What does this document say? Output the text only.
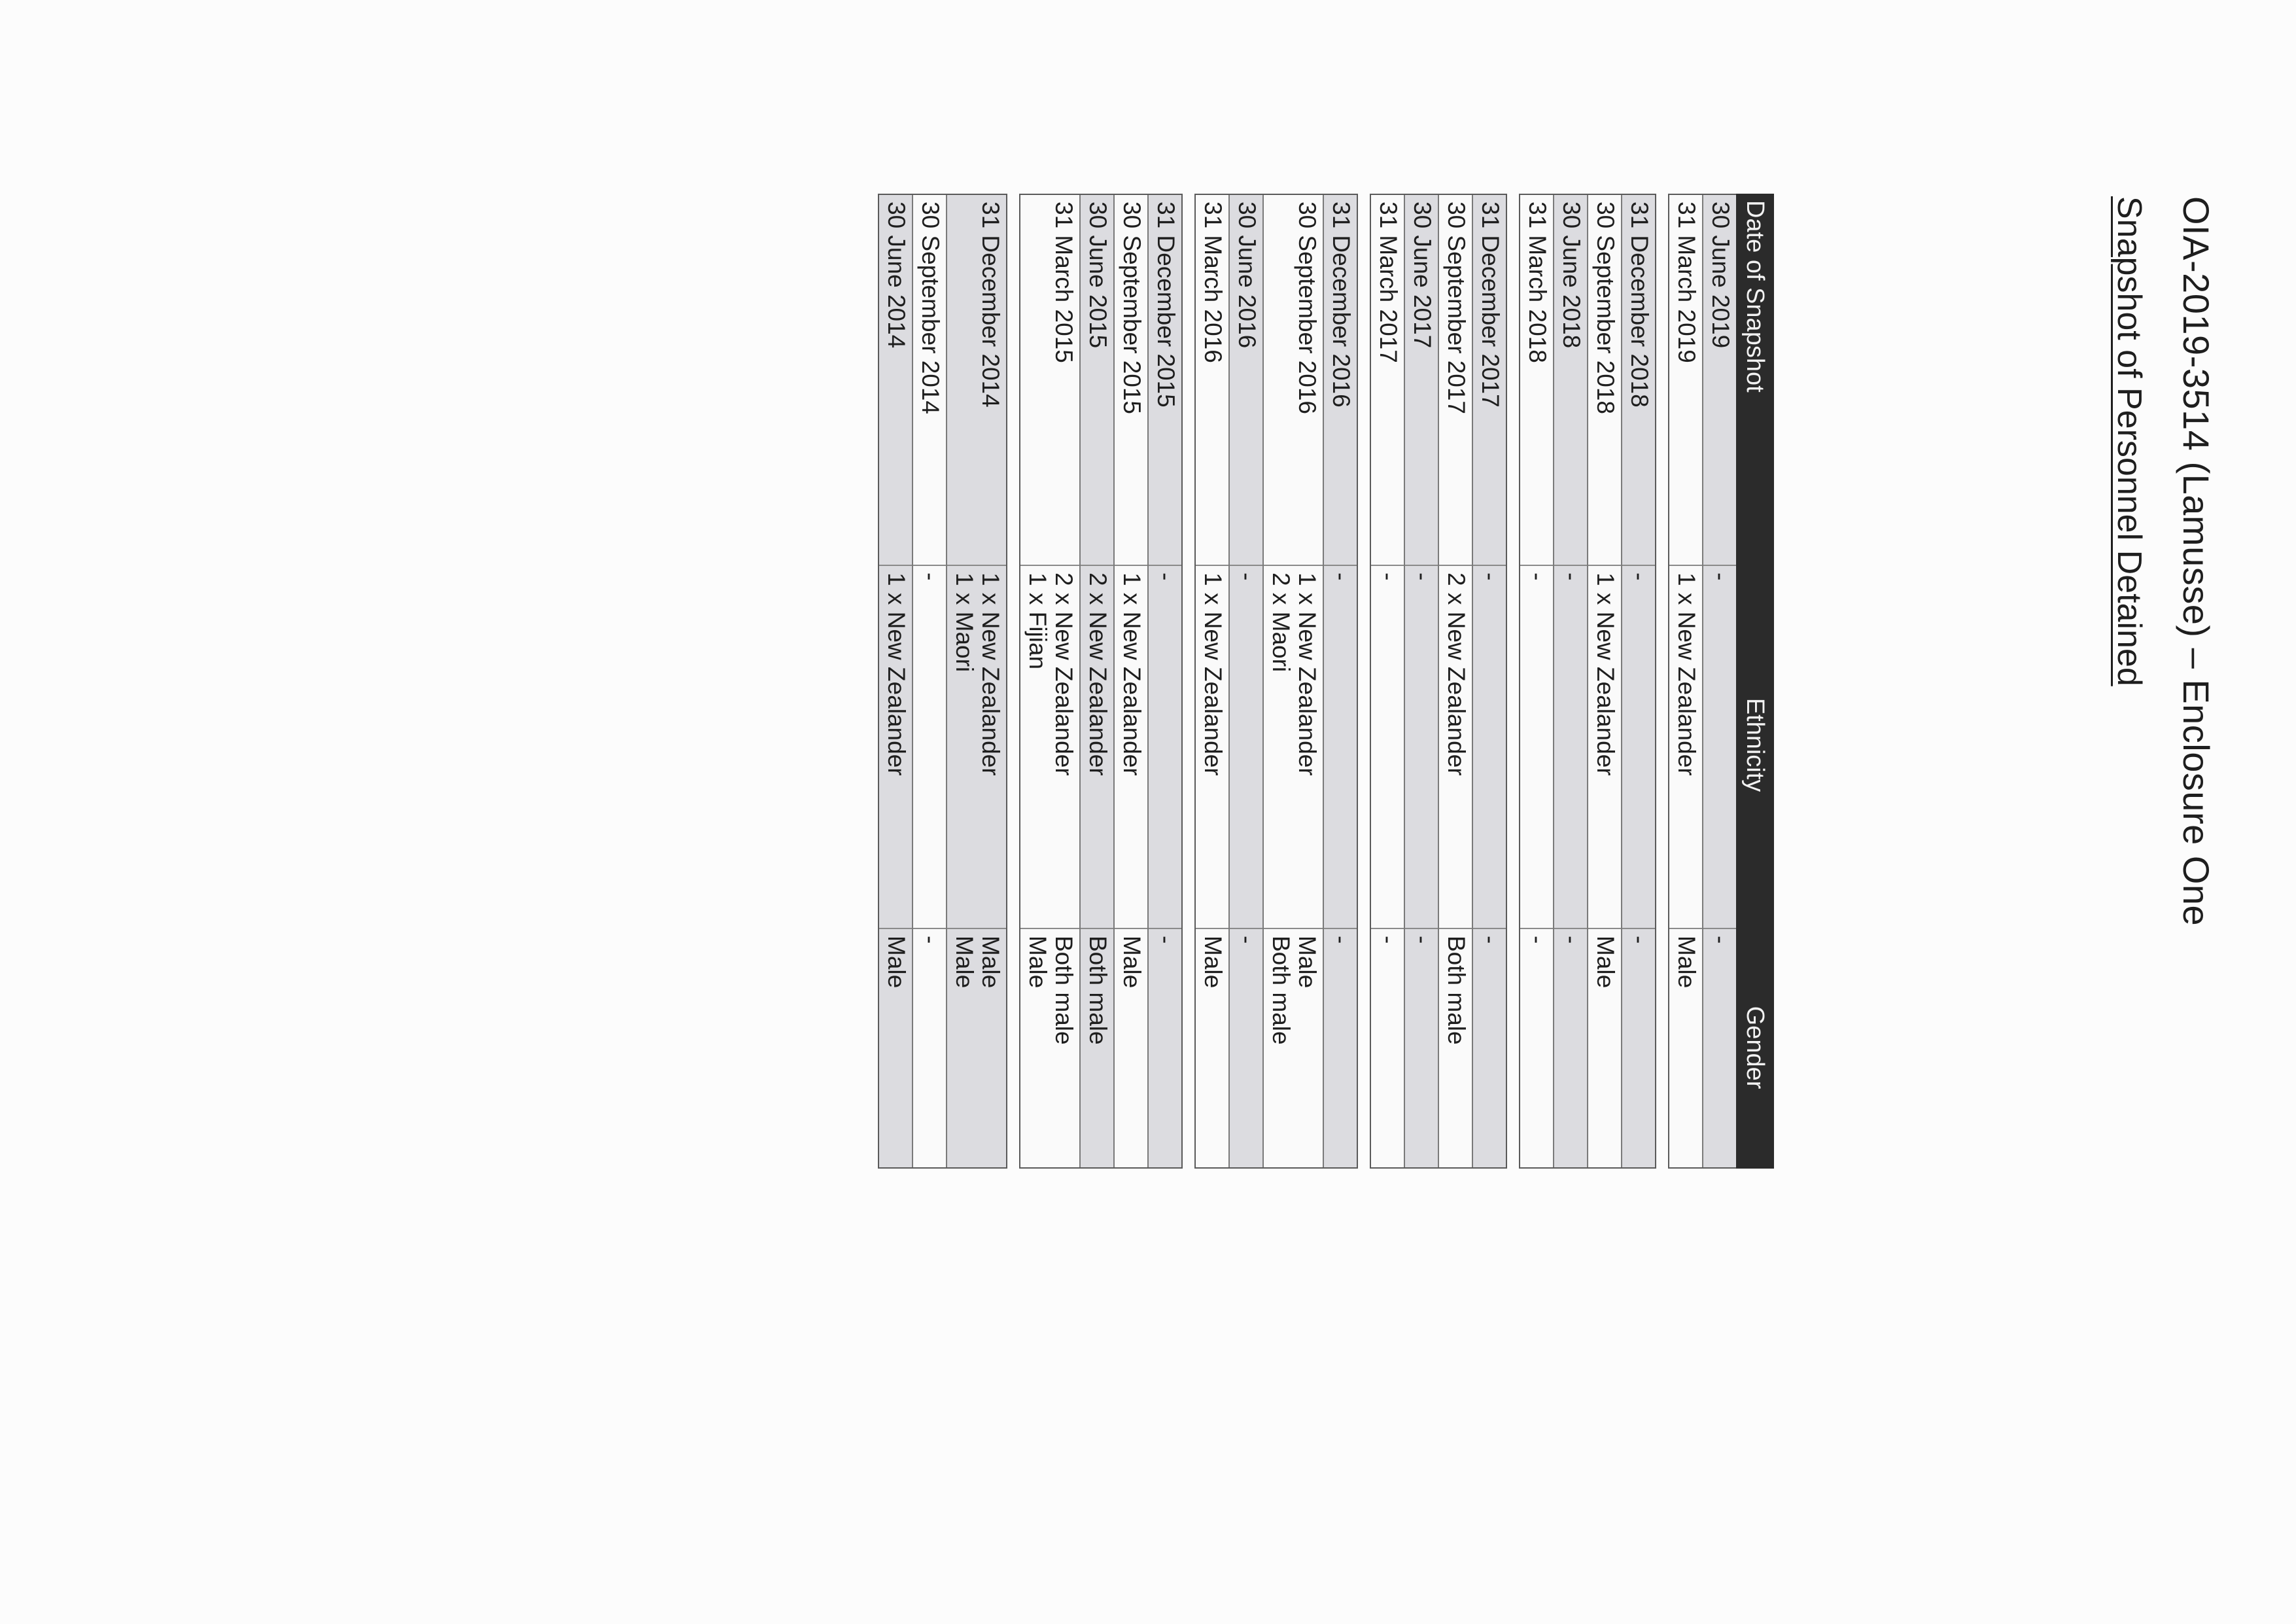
OIA-2019-3514 (Lamusse) – Enclosure One
Snapshot of Personnel Detained
Date of Snapshot
Ethnicity
Gender
30 June 2019
-
-
31 March 2019
1 x New Zealander
Male
31 December 2018
-
-
30 September 2018
1 x New Zealander
Male
30 June 2018
-
-
31 March 2018
-
-
31 December 2017
-
-
30 September 2017
2 x New Zealander
Both male
30 June 2017
-
-
31 March 2017
-
-
31 December 2016
-
-
30 September 2016
1 x New Zealander
2 x Maori
Male
Both male
30 June 2016
-
-
31 March 2016
1 x New Zealander
Male
31 December 2015
-
-
30 September 2015
1 x New Zealander
Male
30 June 2015
2 x New Zealander
Both male
31 March 2015
2 x New Zealander
1 x Fijian
Both male
Male
31 December 2014
1 x New Zealander
1 x Maori
Male
Male
30 September 2014
-
-
30 June 2014
1 x New Zealander
Male
